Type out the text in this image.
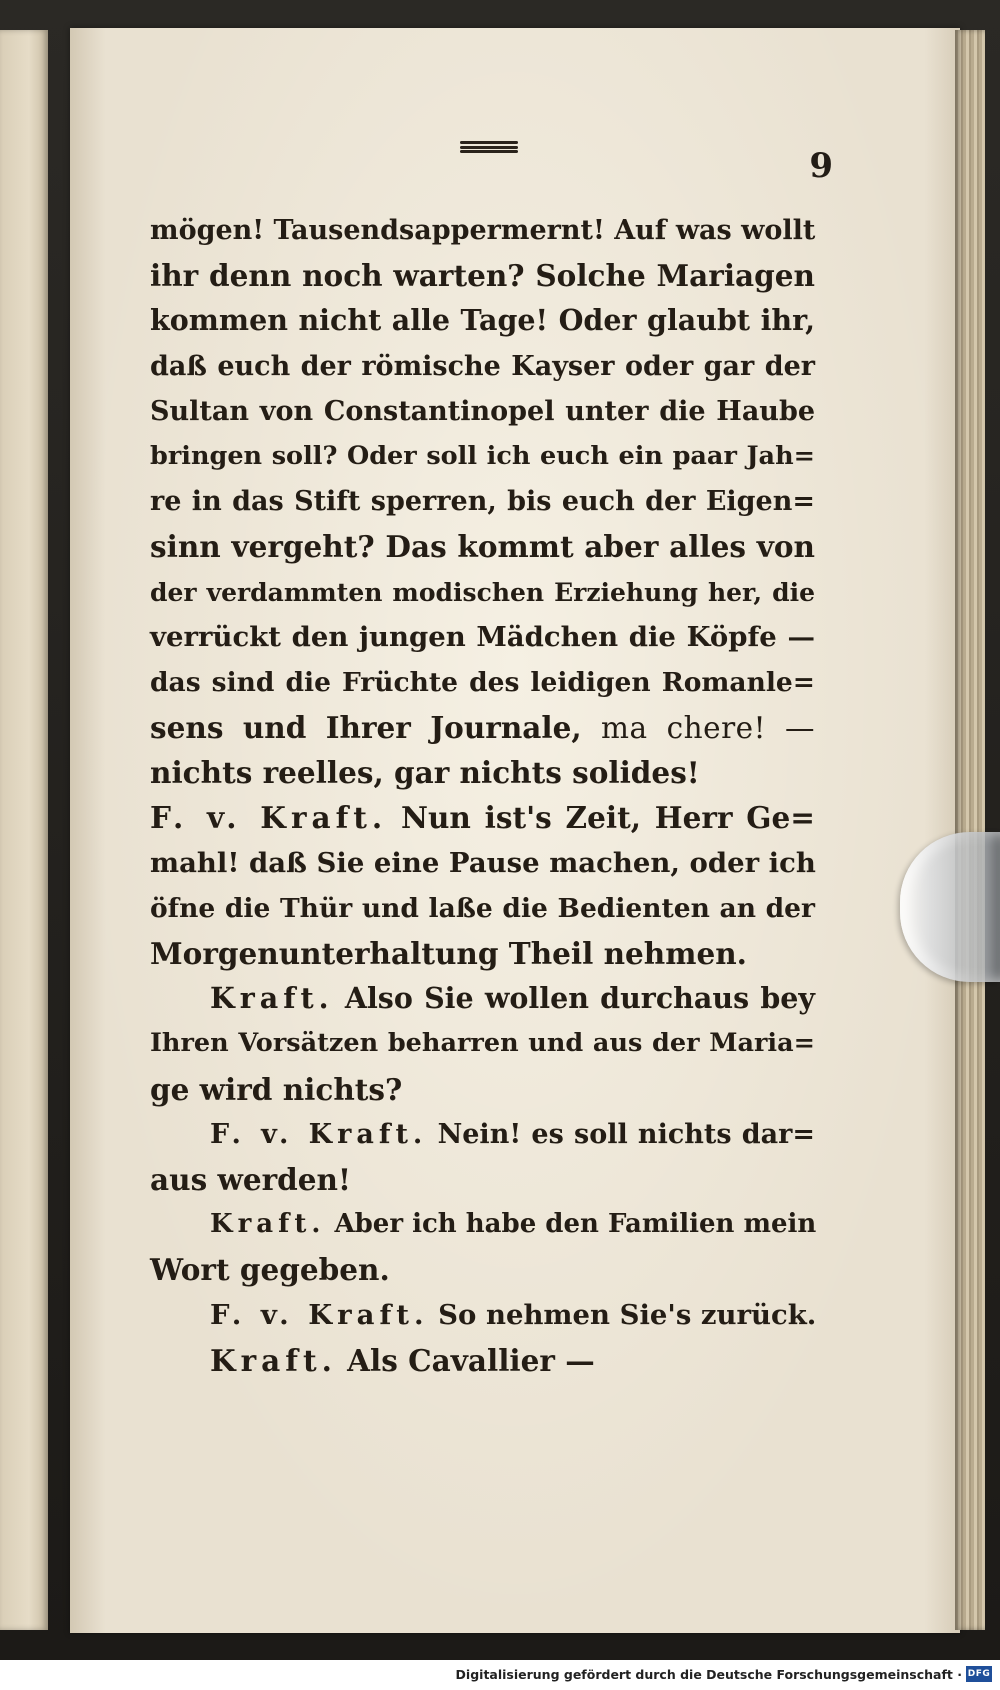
9
mögen! Tausendsappermernt! Auf was wollt
ihr denn noch warten? Solche Mariagen
kommen nicht alle Tage! Oder glaubt ihr,
daß euch der römische Kayser oder gar der
Sultan von Constantinopel unter die Haube
bringen soll? Oder soll ich euch ein paar Jah=
re in das Stift sperren, bis euch der Eigen=
sinn vergeht? Das kommt aber alles von
der verdammten modischen Erziehung her, die
verrückt den jungen Mädchen die Köpfe —
das sind die Früchte des leidigen Romanle=
sens und Ihrer Journale, ma chere! —
nichts reelles, gar nichts solides!
F. v. Kraft. Nun ist's Zeit, Herr Ge=
mahl! daß Sie eine Pause machen, oder ich
öfne die Thür und laße die Bedienten an der
Morgenunterhaltung Theil nehmen.
Kraft. Also Sie wollen durchaus bey
Ihren Vorsätzen beharren und aus der Maria=
ge wird nichts?
F. v. Kraft. Nein! es soll nichts dar=
aus werden!
Kraft. Aber ich habe den Familien mein
Wort gegeben.
F. v. Kraft. So nehmen Sie's zurück.
Kraft. Als Cavallier —
Digitalisierung gefördert durch die Deutsche Forschungsgemeinschaft · DFG
